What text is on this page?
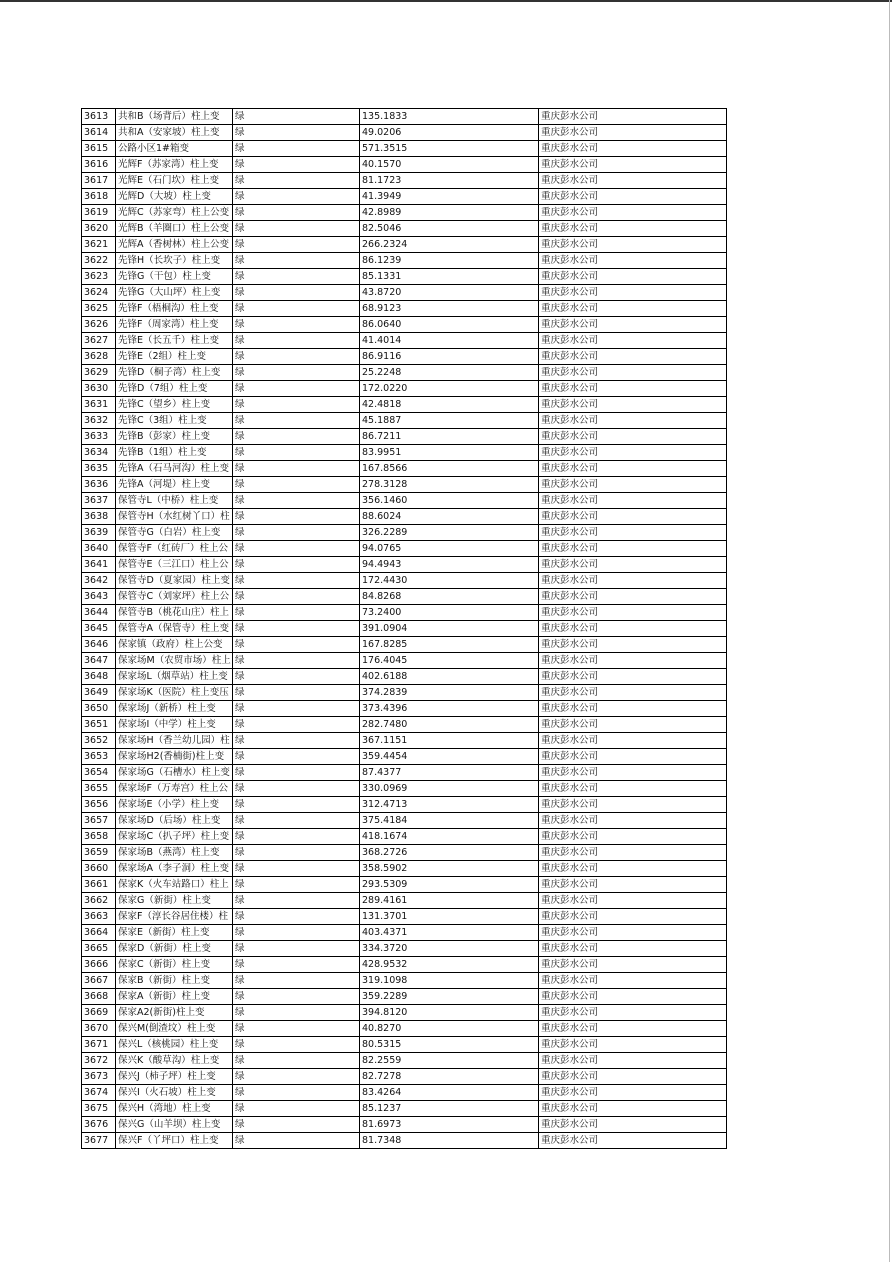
3613	共和B（场背后）柱上变	绿	135.1833	重庆彭水公司
3614	共和A（安家坡）柱上变	绿	49.0206	重庆彭水公司
3615	公路小区1#箱变	绿	571.3515	重庆彭水公司
3616	光辉F（苏家湾）柱上变	绿	40.1570	重庆彭水公司
3617	光辉E（石门坎）柱上变	绿	81.1723	重庆彭水公司
3618	光辉D（大坡）柱上变	绿	41.3949	重庆彭水公司
3619	光辉C（苏家弯）柱上公变	绿	42.8989	重庆彭水公司
3620	光辉B（羊圈口）柱上公变	绿	82.5046	重庆彭水公司
3621	光辉A（香树林）柱上公变	绿	266.2324	重庆彭水公司
3622	先锋H（长坎子）柱上变	绿	86.1239	重庆彭水公司
3623	先锋G（干包）柱上变	绿	85.1331	重庆彭水公司
3624	先锋G（大山坪）柱上变	绿	43.8720	重庆彭水公司
3625	先锋F（梧桐沟）柱上变	绿	68.9123	重庆彭水公司
3626	先锋F（周家湾）柱上变	绿	86.0640	重庆彭水公司
3627	先锋E（长五千）柱上变	绿	41.4014	重庆彭水公司
3628	先锋E（2组）柱上变	绿	86.9116	重庆彭水公司
3629	先锋D（桐子湾）柱上变	绿	25.2248	重庆彭水公司
3630	先锋D（7组）柱上变	绿	172.0220	重庆彭水公司
3631	先锋C（望乡）柱上变	绿	42.4818	重庆彭水公司
3632	先锋C（3组）柱上变	绿	45.1887	重庆彭水公司
3633	先锋B（彭家）柱上变	绿	86.7211	重庆彭水公司
3634	先锋B（1组）柱上变	绿	83.9951	重庆彭水公司
3635	先锋A（石马河沟）柱上变	绿	167.8566	重庆彭水公司
3636	先锋A（河堤）柱上变	绿	278.3128	重庆彭水公司
3637	保管寺L（中桥）柱上变	绿	356.1460	重庆彭水公司
3638	保管寺H（水红树丫口）柱	绿	88.6024	重庆彭水公司
3639	保管寺G（白岩）柱上变	绿	326.2289	重庆彭水公司
3640	保管寺F（红砖厂）柱上公	绿	94.0765	重庆彭水公司
3641	保管寺E（三江口）柱上公	绿	94.4943	重庆彭水公司
3642	保管寺D（夏家园）柱上变	绿	172.4430	重庆彭水公司
3643	保管寺C（刘家坪）柱上公	绿	84.8268	重庆彭水公司
3644	保管寺B（桃花山庄）柱上	绿	73.2400	重庆彭水公司
3645	保管寺A（保管寺）柱上变	绿	391.0904	重庆彭水公司
3646	保家镇（政府）柱上公变	绿	167.8285	重庆彭水公司
3647	保家场M（农贸市场）柱上	绿	176.4045	重庆彭水公司
3648	保家场L（烟草站）柱上变	绿	402.6188	重庆彭水公司
3649	保家场K（医院）柱上变压	绿	374.2839	重庆彭水公司
3650	保家场J（新桥）柱上变	绿	373.4396	重庆彭水公司
3651	保家场I（中学）柱上变	绿	282.7480	重庆彭水公司
3652	保家场H（香兰幼儿园）柱	绿	367.1151	重庆彭水公司
3653	保家场H2(香楠街)柱上变	绿	359.4454	重庆彭水公司
3654	保家场G（石槽水）柱上变	绿	87.4377	重庆彭水公司
3655	保家场F（万寿宫）柱上公	绿	330.0969	重庆彭水公司
3656	保家场E（小学）柱上变	绿	312.4713	重庆彭水公司
3657	保家场D（后场）柱上变	绿	375.4184	重庆彭水公司
3658	保家场C（扒子坪）柱上变	绿	418.1674	重庆彭水公司
3659	保家场B（燕湾）柱上变	绿	368.2726	重庆彭水公司
3660	保家场A（李子洞）柱上变	绿	358.5902	重庆彭水公司
3661	保家K（火车站路口）柱上	绿	293.5309	重庆彭水公司
3662	保家G（新街）柱上变	绿	289.4161	重庆彭水公司
3663	保家F（淳长谷居住楼）柱	绿	131.3701	重庆彭水公司
3664	保家E（新街）柱上变	绿	403.4371	重庆彭水公司
3665	保家D（新街）柱上变	绿	334.3720	重庆彭水公司
3666	保家C（新街）柱上变	绿	428.9532	重庆彭水公司
3667	保家B（新街）柱上变	绿	319.1098	重庆彭水公司
3668	保家A（新街）柱上变	绿	359.2289	重庆彭水公司
3669	保家A2(新街)柱上变	绿	394.8120	重庆彭水公司
3670	保兴M(倒渣坟）柱上变	绿	40.8270	重庆彭水公司
3671	保兴L（核桃园）柱上变	绿	80.5315	重庆彭水公司
3672	保兴K（酸草沟）柱上变	绿	82.2559	重庆彭水公司
3673	保兴J（柿子坪）柱上变	绿	82.7278	重庆彭水公司
3674	保兴I（火石坡）柱上变	绿	83.4264	重庆彭水公司
3675	保兴H（湾地）柱上变	绿	85.1237	重庆彭水公司
3676	保兴G（山羊坝）柱上变	绿	81.6973	重庆彭水公司
3677	保兴F（丫坪口）柱上变	绿	81.7348	重庆彭水公司
